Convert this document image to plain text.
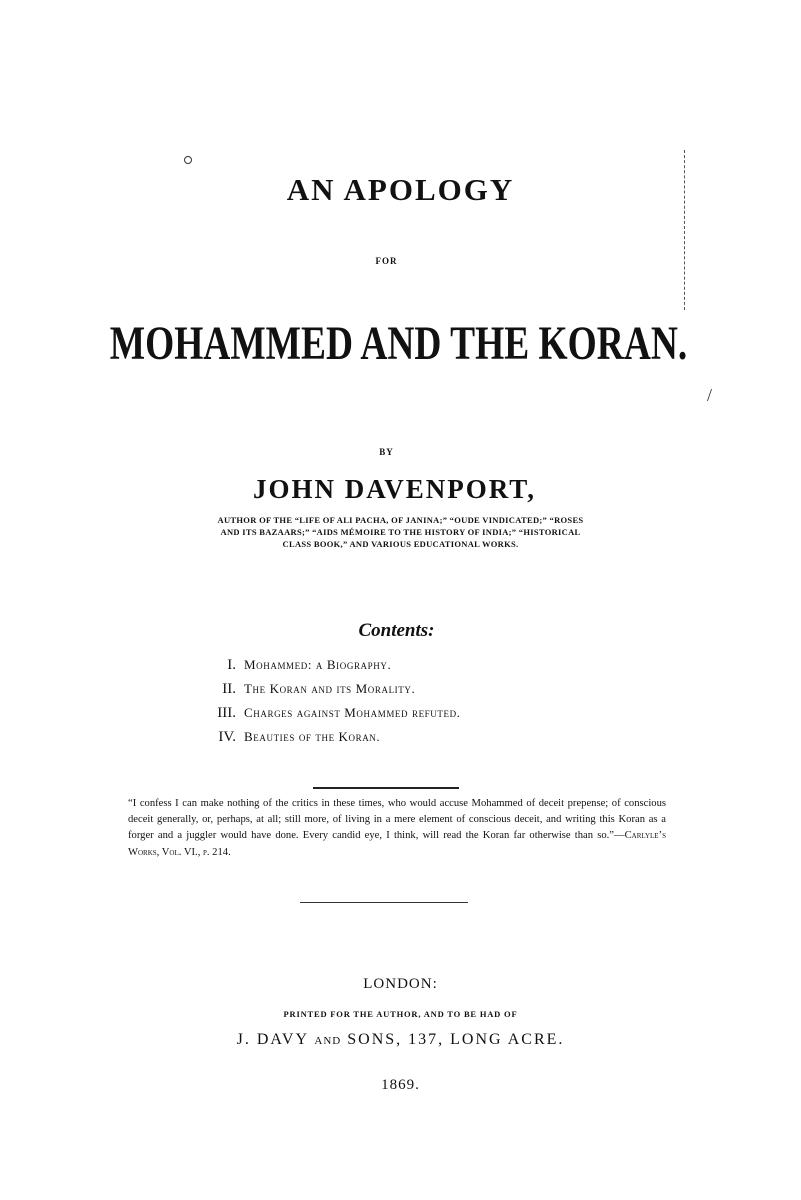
/
AN APOLOGY
FOR
MOHAMMED AND THE KORAN.
BY
JOHN DAVENPORT,
AUTHOR OF THE “LIFE OF ALI PACHA, OF JANINA;” “OUDE VINDICATED;” “ROSES
AND ITS BAZAARS;” “AIDS MÉMOIRE TO THE HISTORY OF INDIA;” “HISTORICAL
CLASS BOOK,” AND VARIOUS EDUCATIONAL WORKS.
Contents:
I. Mohammed: a Biography.
II. The Koran and its Morality.
III. Charges against Mohammed refuted.
IV. Beauties of the Koran.
“I confess I can make nothing of the critics in these times, who would accuse Mohammed of deceit prepense; of conscious deceit generally, or, perhaps, at all; still more, of living in a mere element of conscious deceit, and writing this Koran as a forger and a juggler would have done. Every candid eye, I think, will read the Koran far otherwise than so.”—Carlyle’s Works, Vol. VI., p. 214.
LONDON:
PRINTED FOR THE AUTHOR, AND TO BE HAD OF
J. DAVY and SONS, 137, LONG ACRE.
1869.
